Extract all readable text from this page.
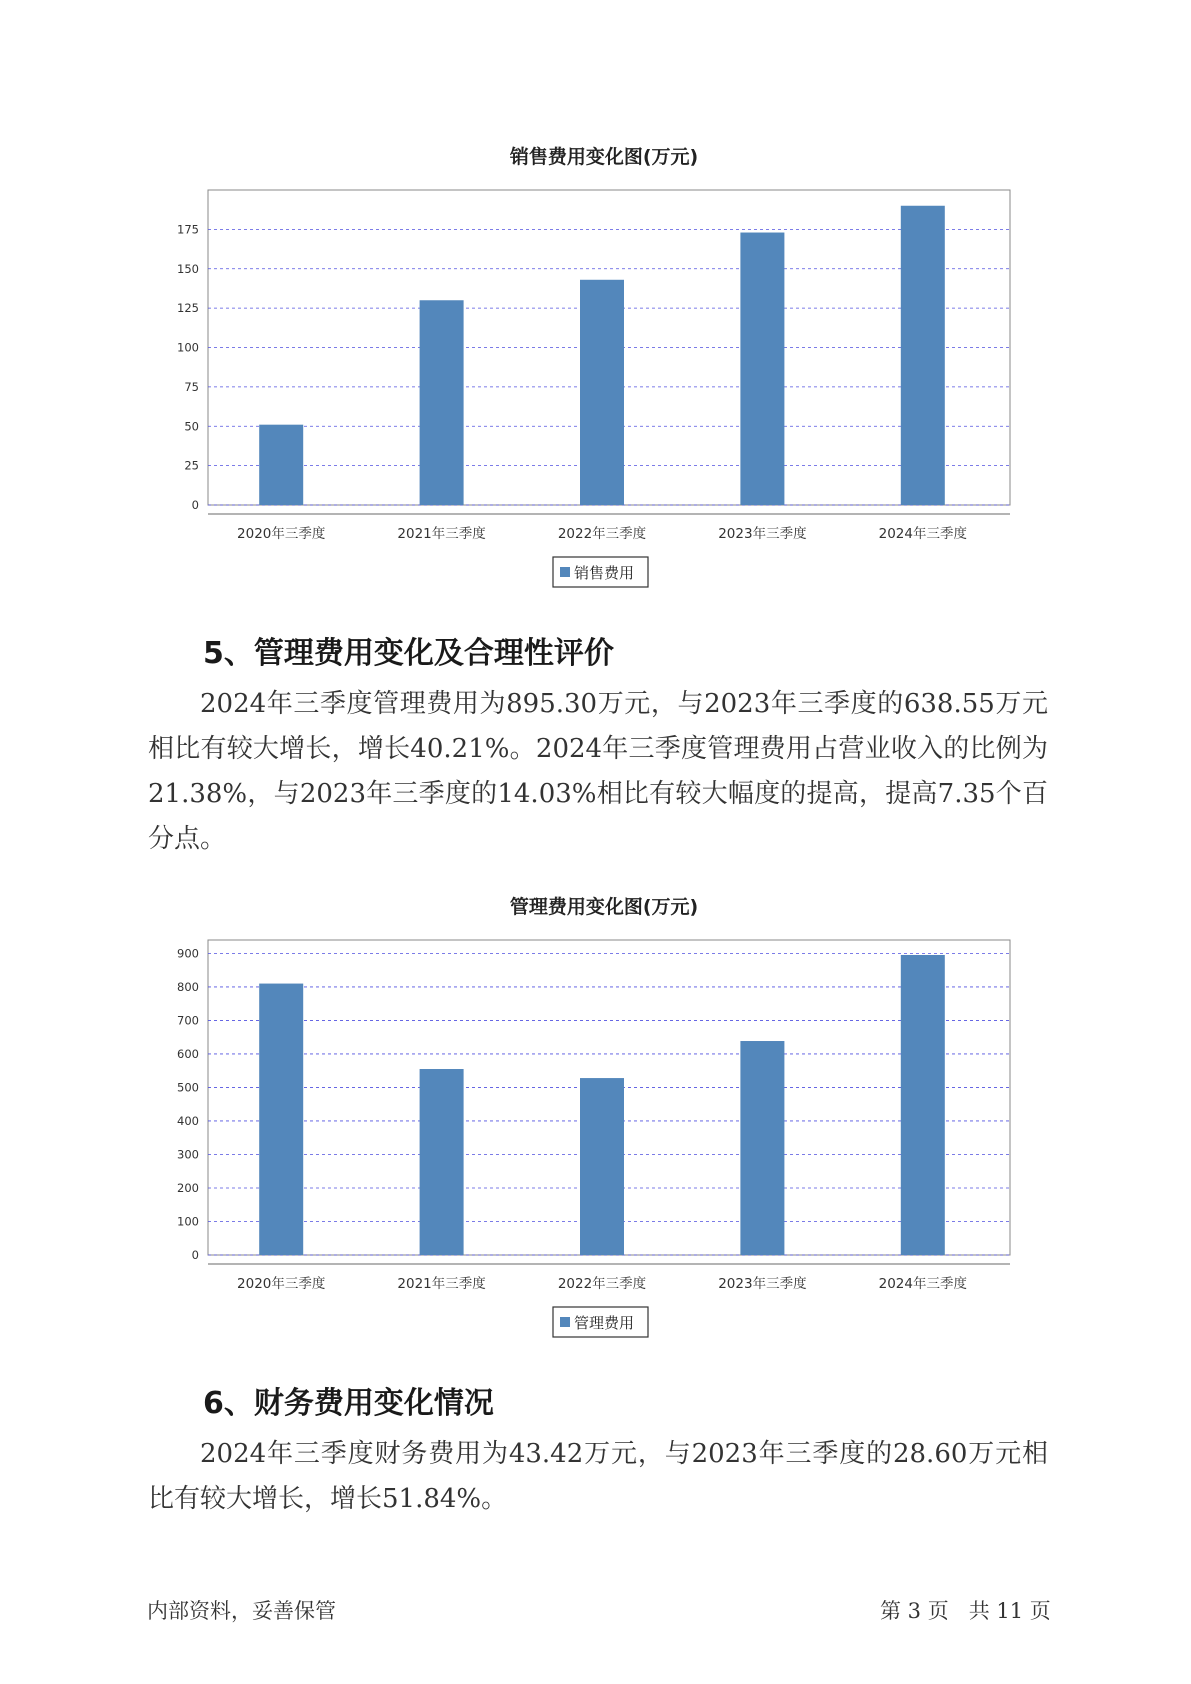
销售费用变化图(万元)
0
25
50
75
100
125
150
175
2020年三季度	2021年三季度	2022年三季度	2023年三季度	2024年三季度
销售费用
5、管理费用变化及合理性评价

2024年三季度管理费用为895.30万元，与2023年三季度的638.55万元相比有较大增长，增长40.21%。2024年三季度管理费用占营业收入的比例为21.38%，与2023年三季度的14.03%相比有较大幅度的提高，提高7.35个百分点。

管理费用变化图(万元)
0
100
200
300
400
500
600
700
800
900
2020年三季度	2021年三季度	2022年三季度	2023年三季度	2024年三季度
管理费用
6、财务费用变化情况

2024年三季度财务费用为43.42万元，与2023年三季度的28.60万元相比有较大增长，增长51.84%。

内部资料，妥善保管	第 3 页   共 11 页
